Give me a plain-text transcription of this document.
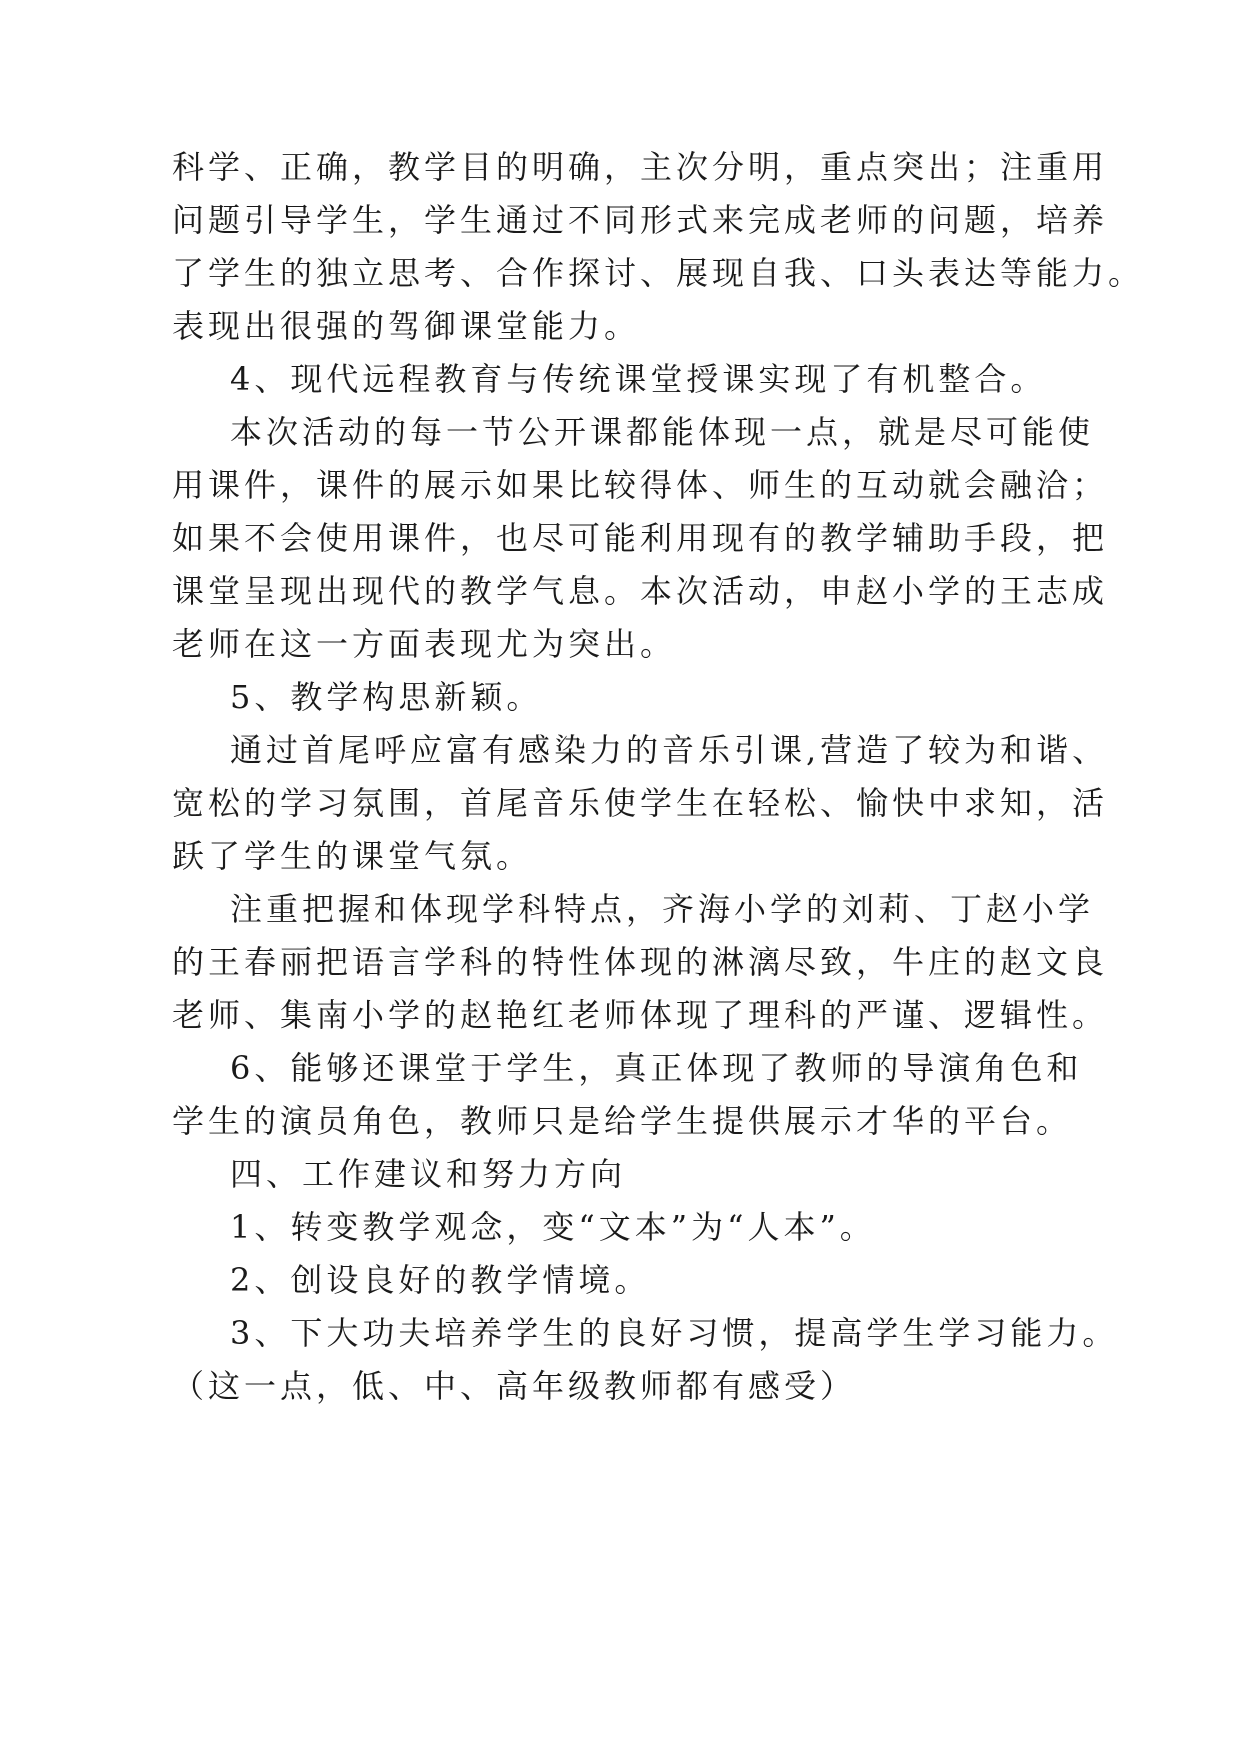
科学、正确，教学目的明确，主次分明，重点突出；注重用
问题引导学生，学生通过不同形式来完成老师的问题，培养
了学生的独立思考、合作探讨、展现自我、口头表达等能力。
表现出很强的驾御课堂能力。
4、现代远程教育与传统课堂授课实现了有机整合。
本次活动的每一节公开课都能体现一点，就是尽可能使
用课件，课件的展示如果比较得体、师生的互动就会融洽；
如果不会使用课件，也尽可能利用现有的教学辅助手段，把
课堂呈现出现代的教学气息。本次活动，申赵小学的王志成
老师在这一方面表现尤为突出。
5、教学构思新颖。
通过首尾呼应富有感染力的音乐引课,营造了较为和谐、
宽松的学习氛围，首尾音乐使学生在轻松、愉快中求知，活
跃了学生的课堂气氛。
注重把握和体现学科特点，齐海小学的刘莉、丁赵小学
的王春丽把语言学科的特性体现的淋漓尽致，牛庄的赵文良
老师、集南小学的赵艳红老师体现了理科的严谨、逻辑性。
6、能够还课堂于学生，真正体现了教师的导演角色和
学生的演员角色，教师只是给学生提供展示才华的平台。
四、工作建议和努力方向
1、转变教学观念，变“文本”为“人本”。
2、创设良好的教学情境。
3、下大功夫培养学生的良好习惯，提高学生学习能力。
（这一点，低、中、高年级教师都有感受）
